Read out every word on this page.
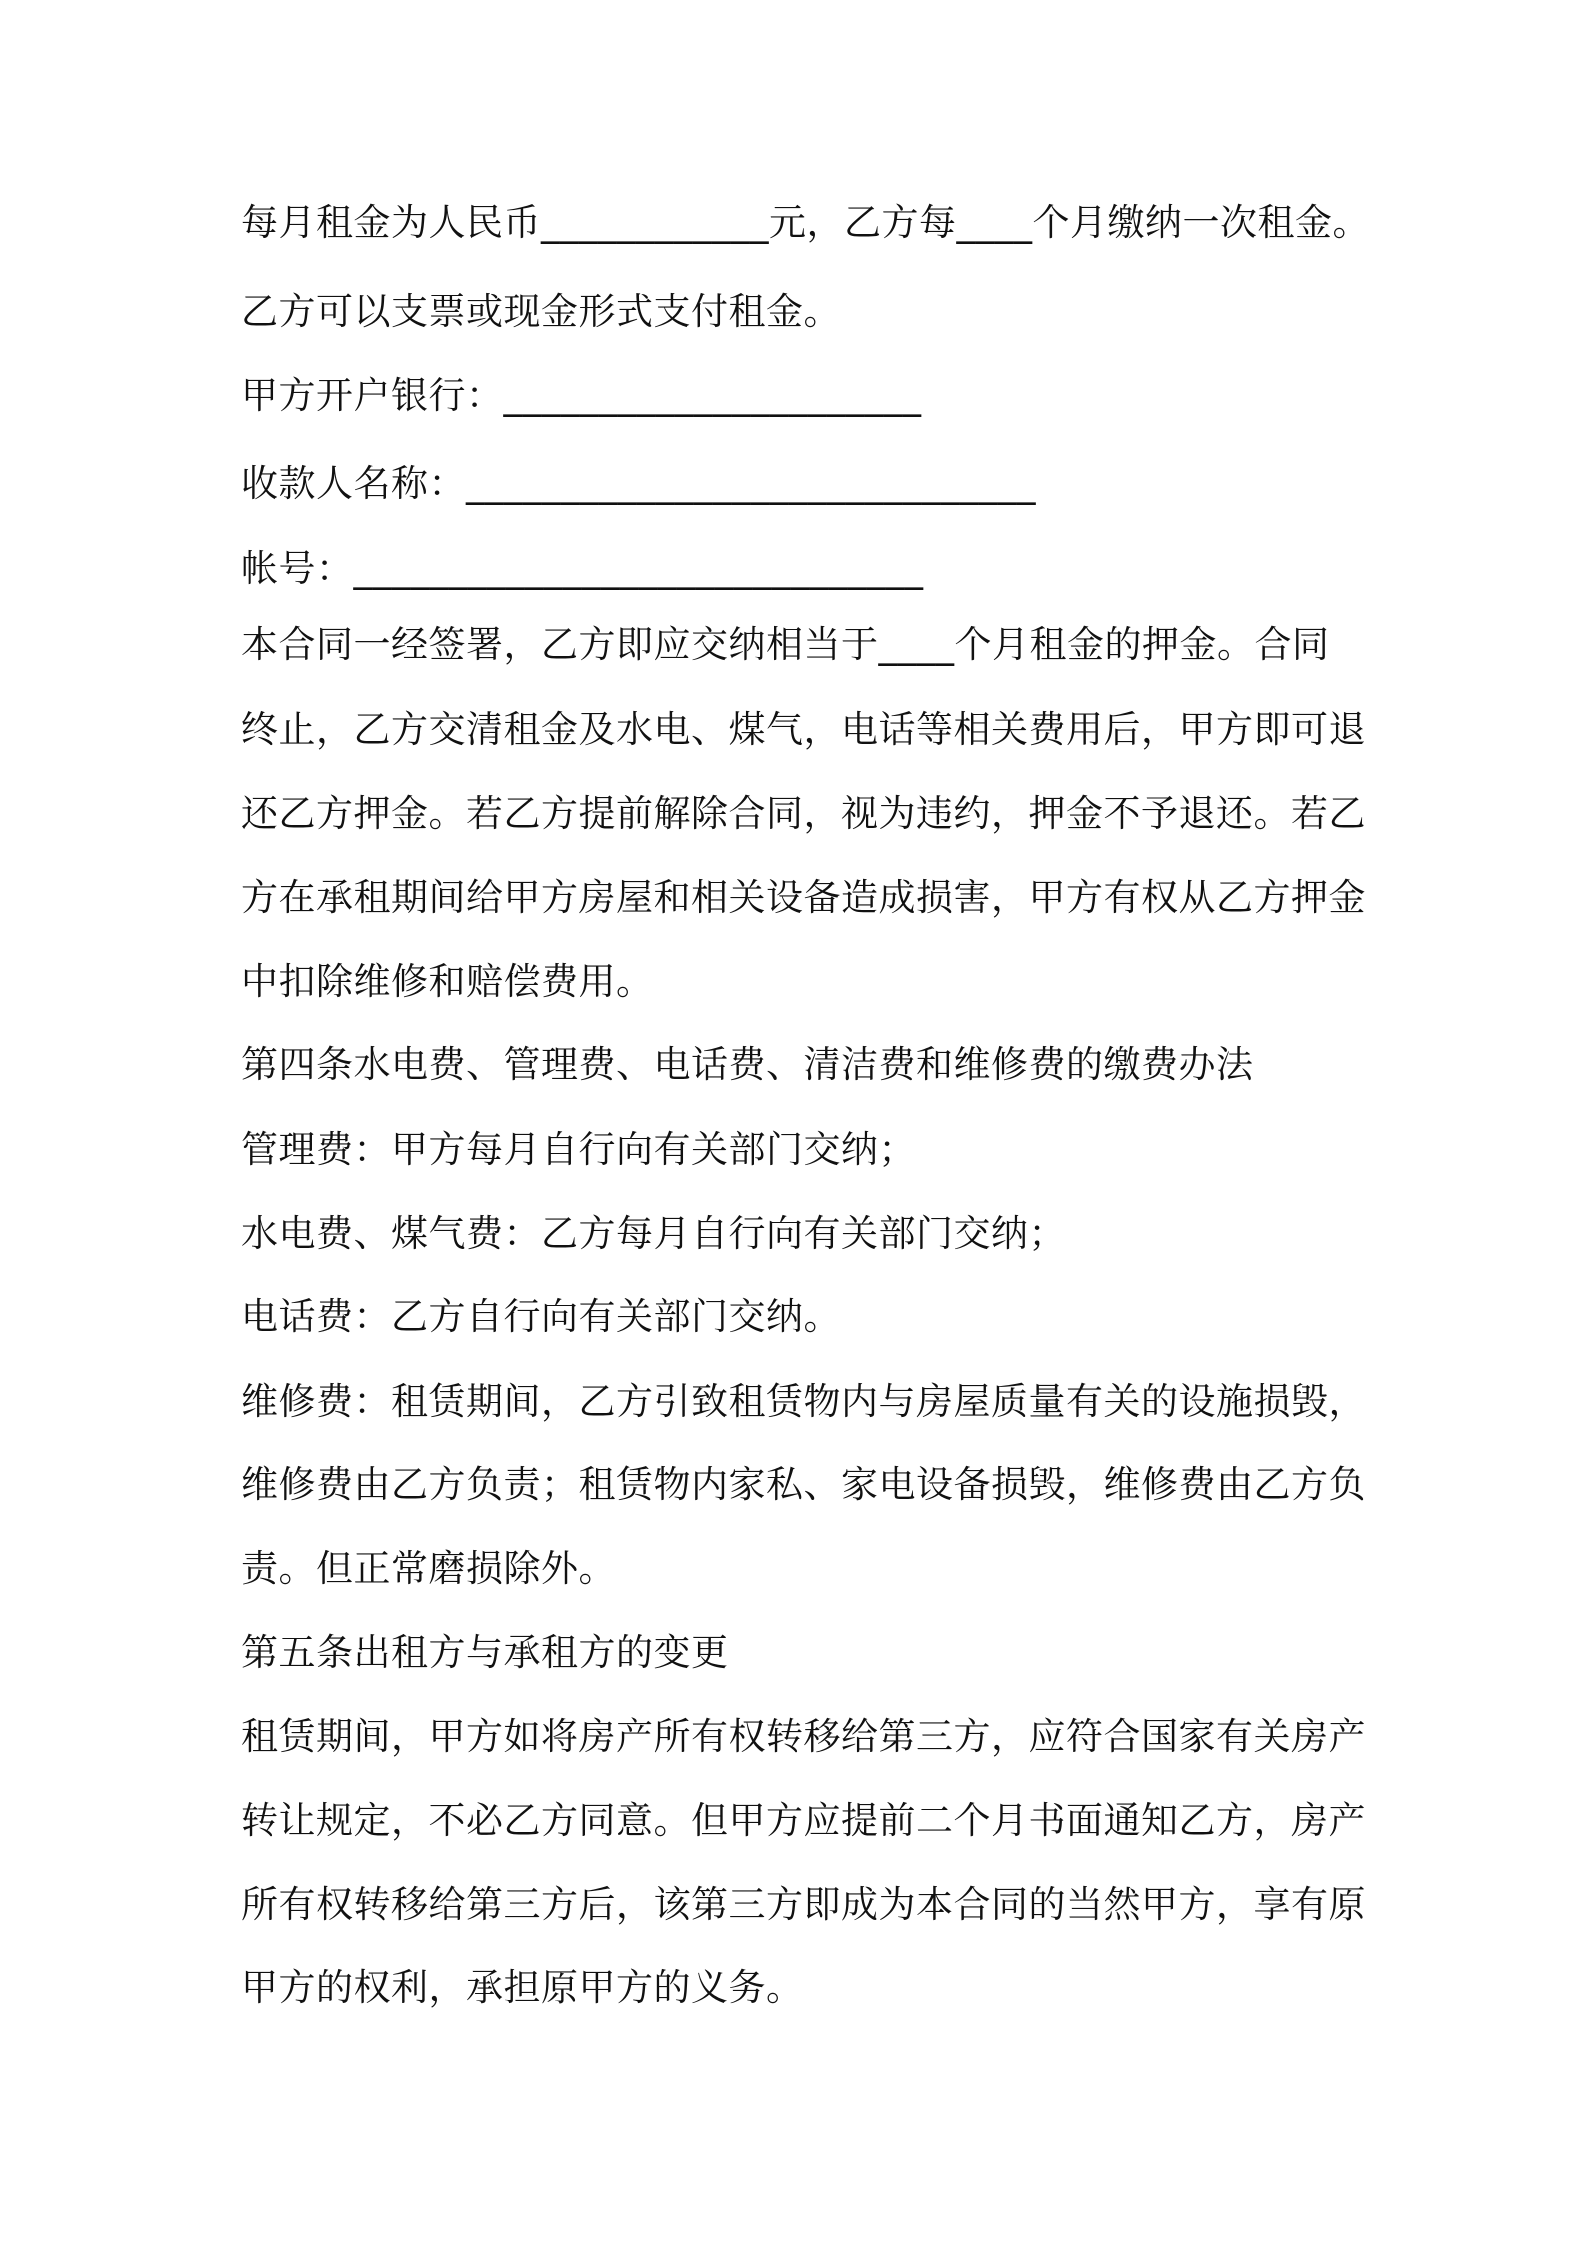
每月租金为人民币____________元，乙方每____个月缴纳一次租金。
乙方可以支票或现金形式支付租金。
甲方开户银行：______________________
收款人名称：______________________________
帐号：______________________________
本合同一经签署，乙方即应交纳相当于____个月租金的押金。合同
终止，乙方交清租金及水电、煤气，电话等相关费用后，甲方即可退
还乙方押金。若乙方提前解除合同，视为违约，押金不予退还。若乙
方在承租期间给甲方房屋和相关设备造成损害，甲方有权从乙方押金
中扣除维修和赔偿费用。
第四条水电费、管理费、电话费、清洁费和维修费的缴费办法
管理费：甲方每月自行向有关部门交纳；
水电费、煤气费：乙方每月自行向有关部门交纳；
电话费：乙方自行向有关部门交纳。
维修费：租赁期间，乙方引致租赁物内与房屋质量有关的设施损毁，
维修费由乙方负责；租赁物内家私、家电设备损毁，维修费由乙方负
责。但正常磨损除外。
第五条出租方与承租方的变更
租赁期间，甲方如将房产所有权转移给第三方，应符合国家有关房产
转让规定，不必乙方同意。但甲方应提前二个月书面通知乙方，房产
所有权转移给第三方后，该第三方即成为本合同的当然甲方，享有原
甲方的权利，承担原甲方的义务。
